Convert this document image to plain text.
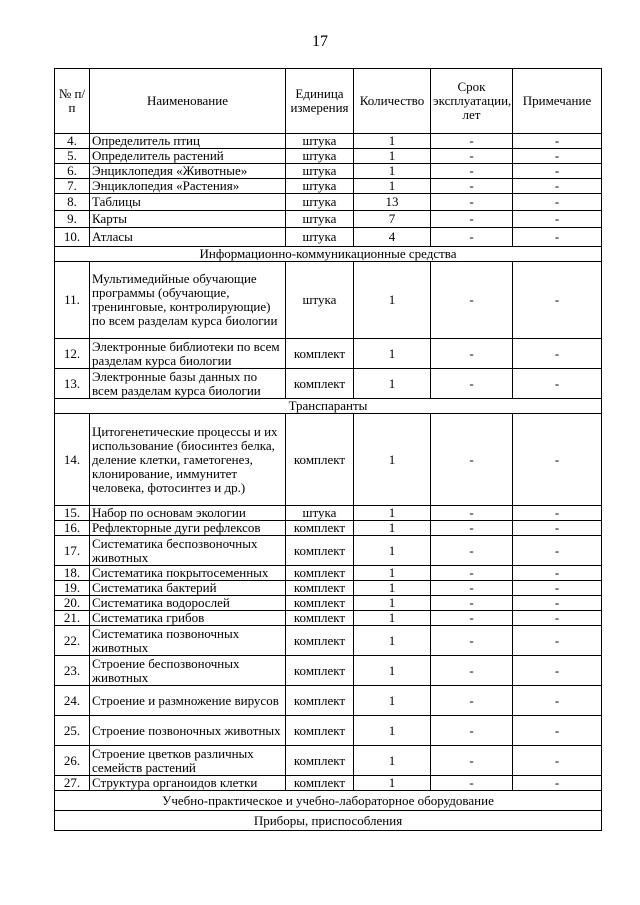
17
№ п/п	Наименование	Единица измерения	Количество	Срок эксплуатации, лет	Примечание
4.	Определитель птиц	штука	1	-	-
5.	Определитель растений	штука	1	-	-
6.	Энциклопедия «Животные»	штука	1	-	-
7.	Энциклопедия «Растения»	штука	1	-	-
8.	Таблицы	штука	13	-	-
9.	Карты	штука	7	-	-
10.	Атласы	штука	4	-	-
Информационно-коммуникационные средства					
11.	Мультимедийные обучающие программы (обучающие, тренинговые, контролирующие) по всем разделам курса биологии	штука	1	-	-
12.	Электронные библиотеки по всем разделам курса биологии	комплект	1	-	-
13.	Электронные базы данных по всем разделам курса биологии	комплект	1	-	-
Транспаранты					
14.	Цитогенетические процессы и их использование (биосинтез белка, деление клетки, гаметогенез, клонирование, иммунитет человека, фотосинтез и др.)	комплект	1	-	-
15.	Набор по основам экологии	штука	1	-	-
16.	Рефлекторные дуги рефлексов	комплект	1	-	-
17.	Систематика беспозвоночных животных	комплект	1	-	-
18.	Систематика покрытосеменных	комплект	1	-	-
19.	Систематика бактерий	комплект	1	-	-
20.	Систематика водорослей	комплект	1	-	-
21.	Систематика грибов	комплект	1	-	-
22.	Систематика позвоночных животных	комплект	1	-	-
23.	Строение беспозвоночных животных	комплект	1	-	-
24.	Строение и размножение вирусов	комплект	1	-	-
25.	Строение позвоночных животных	комплект	1	-	-
26.	Строение цветков различных семейств растений	комплект	1	-	-
27.	Структура органоидов клетки	комплект	1	-	-
Учебно-практическое и учебно-лабораторное оборудование					
Приборы, приспособления					
